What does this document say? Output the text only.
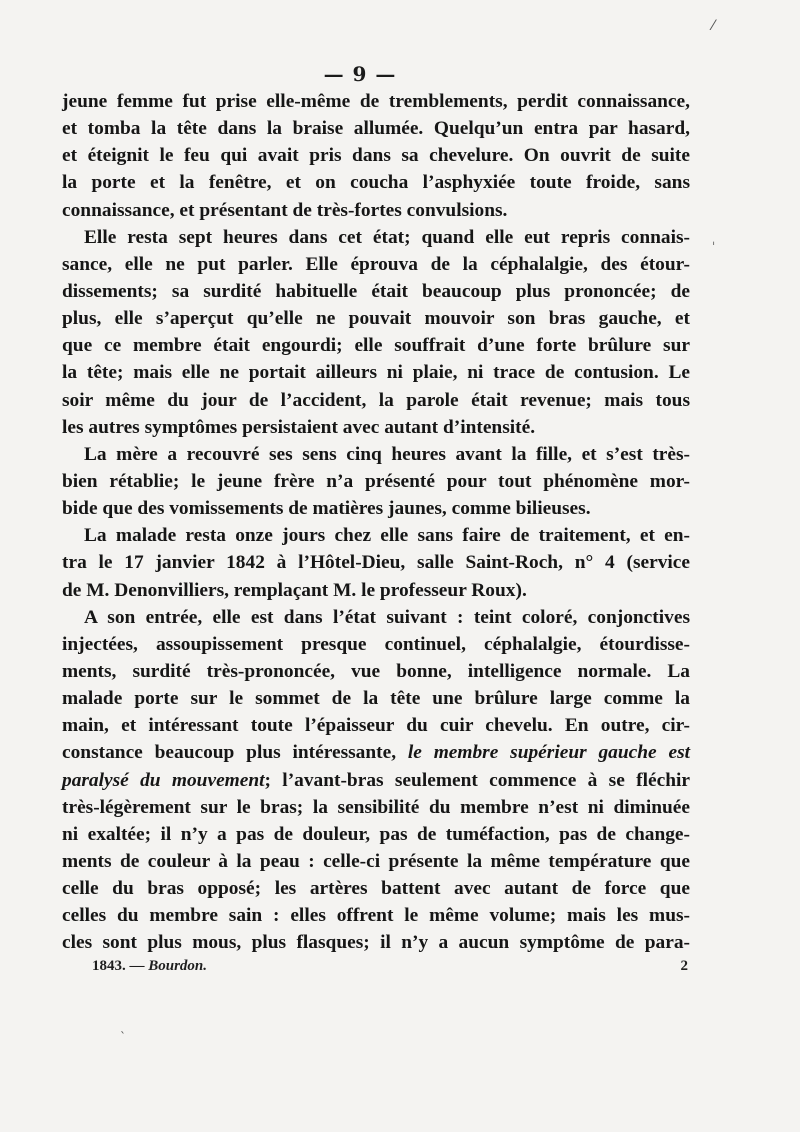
— 9 —
jeune femme fut prise elle-même de tremblements, perdit connaissance,
et tomba la tête dans la braise allumée. Quelqu’un entra par hasard,
et éteignit le feu qui avait pris dans sa chevelure. On ouvrit de suite
la porte et la fenêtre, et on coucha l’asphyxiée toute froide, sans
connaissance, et présentant de très-fortes convulsions.
Elle resta sept heures dans cet état; quand elle eut repris connais-
sance, elle ne put parler. Elle éprouva de la céphalalgie, des étour-
dissements; sa surdité habituelle était beaucoup plus prononcée; de
plus, elle s’aperçut qu’elle ne pouvait mouvoir son bras gauche, et
que ce membre était engourdi; elle souffrait d’une forte brûlure sur
la tête; mais elle ne portait ailleurs ni plaie, ni trace de contusion. Le
soir même du jour de l’accident, la parole était revenue; mais tous
les autres symptômes persistaient avec autant d’intensité.
La mère a recouvré ses sens cinq heures avant la fille, et s’est très-
bien rétablie; le jeune frère n’a présenté pour tout phénomène mor-
bide que des vomissements de matières jaunes, comme bilieuses.
La malade resta onze jours chez elle sans faire de traitement, et en-
tra le 17 janvier 1842 à l’Hôtel-Dieu, salle Saint-Roch, n° 4 (service
de M. Denonvilliers, remplaçant M. le professeur Roux).
A son entrée, elle est dans l’état suivant : teint coloré, conjonctives
injectées, assoupissement presque continuel, céphalalgie, étourdisse-
ments, surdité très-prononcée, vue bonne, intelligence normale. La
malade porte sur le sommet de la tête une brûlure large comme la
main, et intéressant toute l’épaisseur du cuir chevelu. En outre, cir-
constance beaucoup plus intéressante, le membre supérieur gauche est
paralysé du mouvement; l’avant-bras seulement commence à se fléchir
très-légèrement sur le bras; la sensibilité du membre n’est ni diminuée
ni exaltée; il n’y a pas de douleur, pas de tuméfaction, pas de change-
ments de couleur à la peau : celle-ci présente la même température que
celle du bras opposé; les artères battent avec autant de force que
celles du membre sain : elles offrent le même volume; mais les mus-
cles sont plus mous, plus flasques; il n’y a aucun symptôme de para-
1843. — Bourdon.	2
⁄
ˈ
ˋ
